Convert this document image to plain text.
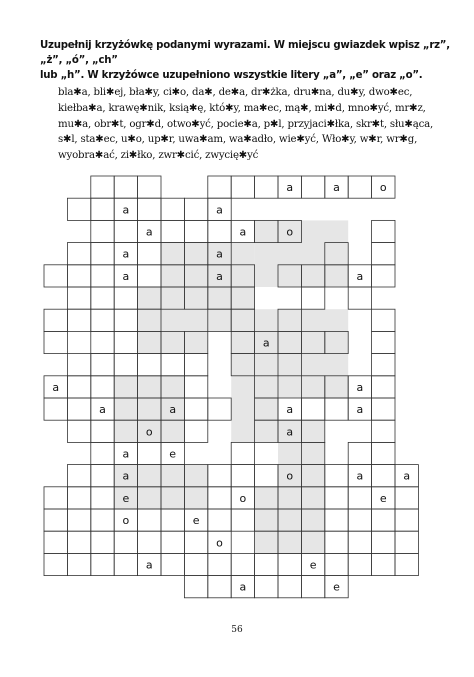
Uzupełnij krzyżówkę podanymi wyrazami. W miejscu gwiazdek wpisz „rz”, „ż”, „ó”, „ch”
lub „h”. W krzyżówce uzupełniono wszystkie litery „a”, „e” oraz „o”.
bla✱a, bli✱ej, bła✱y, ci✱o, da✱, de✱a, dr✱żka, dru✱na, du✱y, dwo✱ec,
kiełba✱a, krawę✱nik, ksią✱ę, któ✱y, ma✱ec, mą✱, mi✱d, mno✱yć, mr✱z,
mu✱a, obr✱t, ogr✱d, otwo✱yć, pocie✱a, p✱l, przyjaci✱łka, skr✱t, słu✱ąca,
s✱l, sta✱ec, u✱o, up✱r, uwa✱am, wa✱adło, wie✱yć, Wło✱y, w✱r, wr✱g,
wyobra✱ać, zi✱łko, zwr✱cić, zwycię✱yć
a	a	o
a	a
a	a	o
a	a
a	a	a
a
a	a
a	a	a	a
o	a
a	e
a	o	a	a
e	o	e
o	e
o
a	e
a	e
56
